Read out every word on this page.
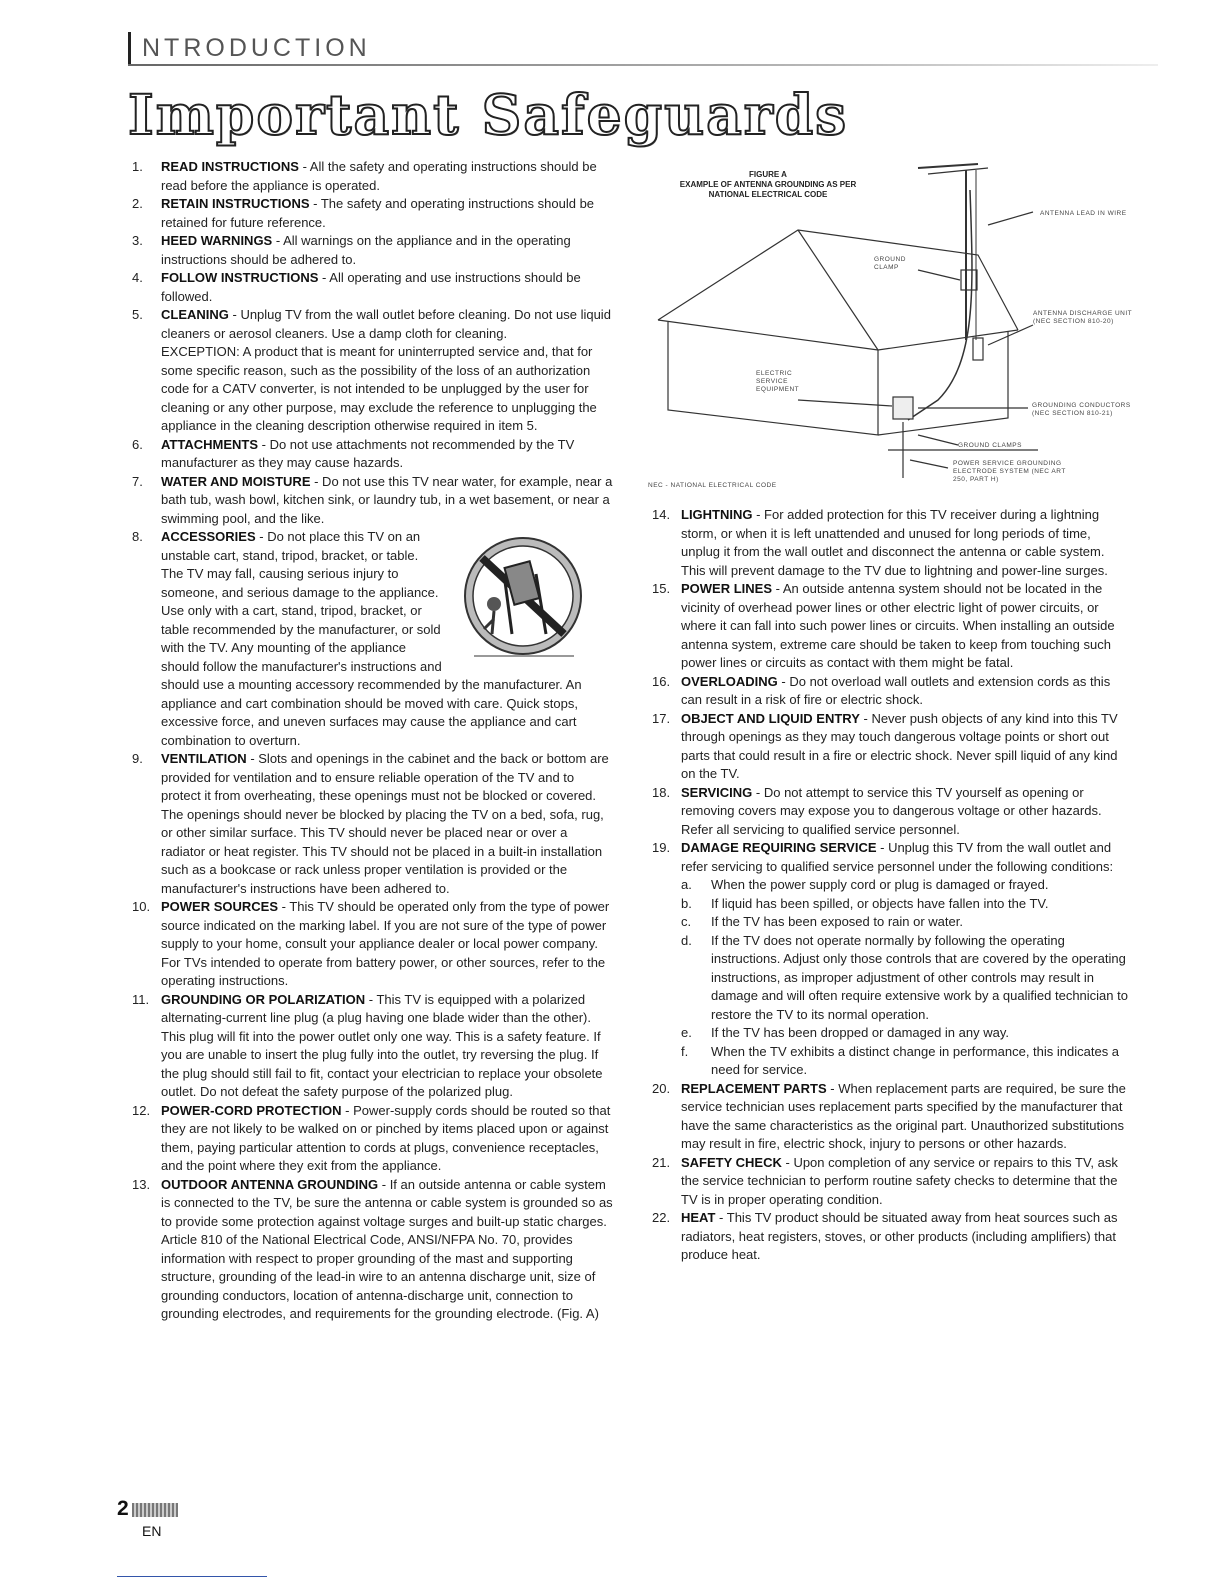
NTRODUCTION
Important Safeguards
1. READ INSTRUCTIONS - All the safety and operating instructions should be read before the appliance is operated.
2. RETAIN INSTRUCTIONS - The safety and operating instructions should be retained for future reference.
3. HEED WARNINGS - All warnings on the appliance and in the operating instructions should be adhered to.
4. FOLLOW INSTRUCTIONS - All operating and use instructions should be followed.
5. CLEANING - Unplug TV from the wall outlet before cleaning. Do not use liquid cleaners or aerosol cleaners. Use a damp cloth for cleaning.
EXCEPTION: A product that is meant for uninterrupted service and, that for some specific reason, such as the possibility of the loss of an authorization code for a CATV converter, is not intended to be unplugged by the user for cleaning or any other purpose, may exclude the reference to unplugging the appliance in the cleaning description otherwise required in item 5.
6. ATTACHMENTS - Do not use attachments not recommended by the TV manufacturer as they may cause hazards.
7. WATER AND MOISTURE - Do not use this TV near water, for example, near a bath tub, wash bowl, kitchen sink, or laundry tub, in a wet basement, or near a swimming pool, and the like.
8. ACCESSORIES - Do not place this TV on an unstable cart, stand, tripod, bracket, or table. The TV may fall, causing serious injury to someone, and serious damage to the appliance. Use only with a cart, stand, tripod, bracket, or table recommended by the manufacturer, or sold with the TV. Any mounting of the appliance should follow the manufacturer's instructions and should use a mounting accessory recommended by the manufacturer. An appliance and cart combination should be moved with care. Quick stops, excessive force, and uneven surfaces may cause the appliance and cart combination to overturn.
9. VENTILATION - Slots and openings in the cabinet and the back or bottom are provided for ventilation and to ensure reliable operation of the TV and to protect it from overheating, these openings must not be blocked or covered. The openings should never be blocked by placing the TV on a bed, sofa, rug, or other similar surface. This TV should never be placed near or over a radiator or heat register. This TV should not be placed in a built-in installation such as a bookcase or rack unless proper ventilation is provided or the manufacturer's instructions have been adhered to.
10. POWER SOURCES - This TV should be operated only from the type of power source indicated on the marking label. If you are not sure of the type of power supply to your home, consult your appliance dealer or local power company. For TVs intended to operate from battery power, or other sources, refer to the operating instructions.
11. GROUNDING OR POLARIZATION - This TV is equipped with a polarized alternating-current line plug (a plug having one blade wider than the other). This plug will fit into the power outlet only one way. This is a safety feature. If you are unable to insert the plug fully into the outlet, try reversing the plug. If the plug should still fail to fit, contact your electrician to replace your obsolete outlet. Do not defeat the safety purpose of the polarized plug.
12. POWER-CORD PROTECTION - Power-supply cords should be routed so that they are not likely to be walked on or pinched by items placed upon or against them, paying particular attention to cords at plugs, convenience receptacles, and the point where they exit from the appliance.
13. OUTDOOR ANTENNA GROUNDING - If an outside antenna or cable system is connected to the TV, be sure the antenna or cable system is grounded so as to provide some protection against voltage surges and built-up static charges. Article 810 of the National Electrical Code, ANSI/NFPA No. 70, provides information with respect to proper grounding of the mast and supporting structure, grounding of the lead-in wire to an antenna discharge unit, size of grounding conductors, location of antenna-discharge unit, connection to grounding electrodes, and requirements for the grounding electrode. (Fig. A)
FIGURE A
EXAMPLE OF ANTENNA GROUNDING AS PER
NATIONAL ELECTRICAL CODE
ANTENNA LEAD IN WIRE
GROUND CLAMP
ANTENNA DISCHARGE UNIT (NEC SECTION 810-20)
ELECTRIC SERVICE EQUIPMENT
GROUNDING CONDUCTORS (NEC SECTION 810-21)
GROUND CLAMPS
POWER SERVICE GROUNDING ELECTRODE SYSTEM (NEC ART 250, PART H)
NEC - NATIONAL ELECTRICAL CODE
14. LIGHTNING - For added protection for this TV receiver during a lightning storm, or when it is left unattended and unused for long periods of time, unplug it from the wall outlet and disconnect the antenna or cable system. This will prevent damage to the TV due to lightning and power-line surges.
15. POWER LINES - An outside antenna system should not be located in the vicinity of overhead power lines or other electric light of power circuits, or where it can fall into such power lines or circuits. When installing an outside antenna system, extreme care should be taken to keep from touching such power lines or circuits as contact with them might be fatal.
16. OVERLOADING - Do not overload wall outlets and extension cords as this can result in a risk of fire or electric shock.
17. OBJECT AND LIQUID ENTRY - Never push objects of any kind into this TV through openings as they may touch dangerous voltage points or short out parts that could result in a fire or electric shock. Never spill liquid of any kind on the TV.
18. SERVICING - Do not attempt to service this TV yourself as opening or removing covers may expose you to dangerous voltage or other hazards. Refer all servicing to qualified service personnel.
19. DAMAGE REQUIRING SERVICE - Unplug this TV from the wall outlet and refer servicing to qualified service personnel under the following conditions:
a. When the power supply cord or plug is damaged or frayed.
b. If liquid has been spilled, or objects have fallen into the TV.
c. If the TV has been exposed to rain or water.
d. If the TV does not operate normally by following the operating instructions. Adjust only those controls that are covered by the operating instructions, as improper adjustment of other controls may result in damage and will often require extensive work by a qualified technician to restore the TV to its normal operation.
e. If the TV has been dropped or damaged in any way.
f. When the TV exhibits a distinct change in performance, this indicates a need for service.
20. REPLACEMENT PARTS - When replacement parts are required, be sure the service technician uses replacement parts specified by the manufacturer that have the same characteristics as the original part. Unauthorized substitutions may result in fire, electric shock, injury to persons or other hazards.
21. SAFETY CHECK - Upon completion of any service or repairs to this TV, ask the service technician to perform routine safety checks to determine that the TV is in proper operating condition.
22. HEAT - This TV product should be situated away from heat sources such as radiators, heat registers, stoves, or other products (including amplifiers) that produce heat.
2
EN
